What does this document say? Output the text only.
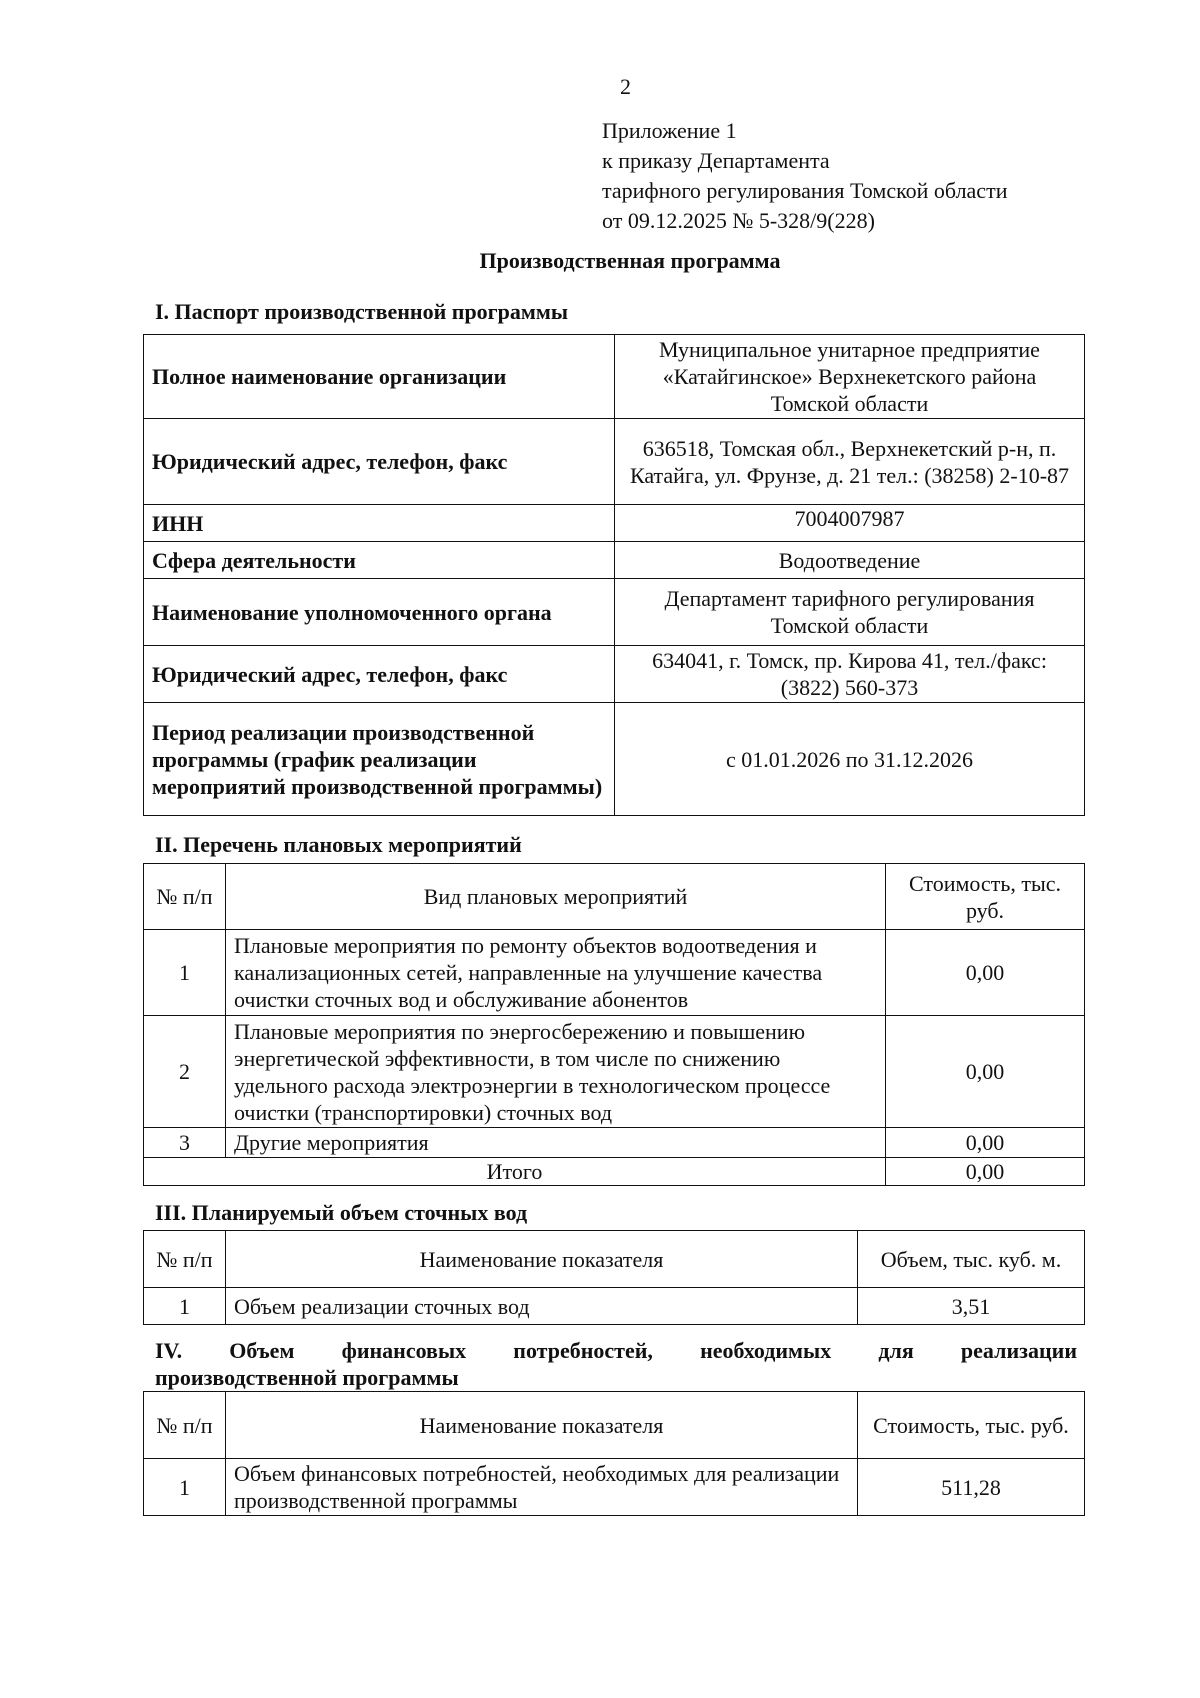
2
Приложение 1
к приказу Департамента
тарифного регулирования Томской области
от 09.12.2025 № 5-328/9(228)
Производственная программа
I. Паспорт производственной программы
Полное наименование организации	Муниципальное унитарное предприятие «Катайгинское» Верхнекетского района Томской области
Юридический адрес, телефон, факс	636518, Томская обл., Верхнекетский р-н, п. Катайга, ул. Фрунзе, д. 21 тел.: (38258) 2-10-87
ИНН	7004007987
Сфера деятельности	Водоотведение
Наименование уполномоченного органа	Департамент тарифного регулирования Томской области
Юридический адрес, телефон, факс	634041, г. Томск, пр. Кирова 41, тел./факс: (3822) 560-373
Период реализации производственной программы (график реализации мероприятий производственной программы)	с 01.01.2026 по 31.12.2026
II. Перечень плановых мероприятий
№ п/п	Вид плановых мероприятий	Стоимость, тыс. руб.
1	Плановые мероприятия по ремонту объектов водоотведения и канализационных сетей, направленные на улучшение качества очистки сточных вод и обслуживание абонентов	0,00
2	Плановые мероприятия по энергосбережению и повышению энергетической эффективности, в том числе по снижению удельного расхода электроэнергии в технологическом процессе очистки (транспортировки) сточных вод	0,00
3	Другие мероприятия	0,00
Итого		0,00
III. Планируемый объем сточных вод
№ п/п	Наименование показателя	Объем, тыс. куб. м.
1	Объем реализации сточных вод	3,51
IV. Объем финансовых потребностей, необходимых для реализации
производственной программы
№ п/п	Наименование показателя	Стоимость, тыс. руб.
1	Объем финансовых потребностей, необходимых для реализации производственной программы	511,28
